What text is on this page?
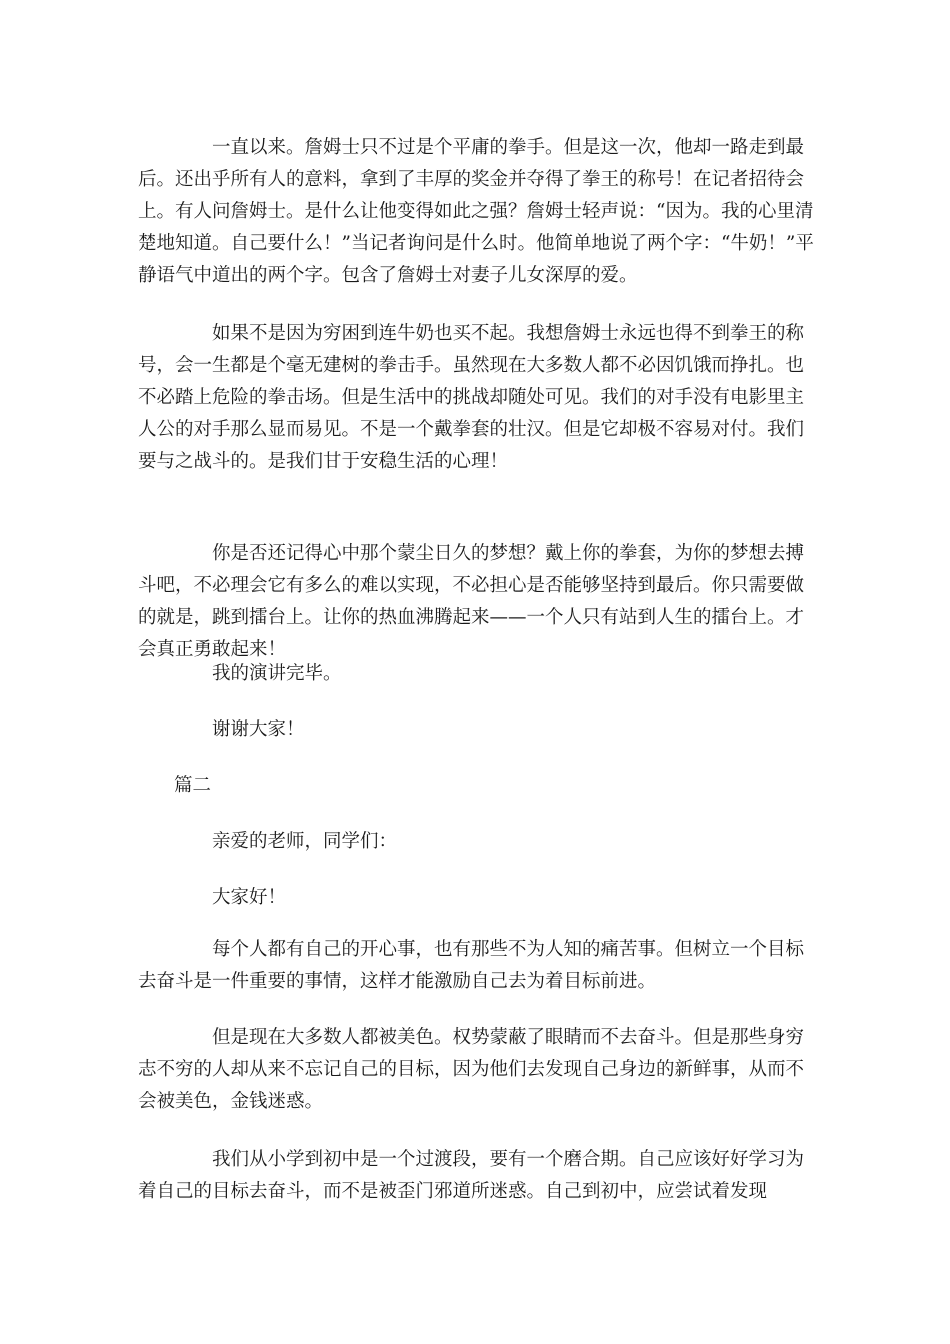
一直以来。詹姆士只不过是个平庸的拳手。但是这一次，他却一路走到最后。还出乎所有人的意料，拿到了丰厚的奖金并夺得了拳王的称号！在记者招待会上。有人问詹姆士。是什么让他变得如此之强？詹姆士轻声说：“因为。我的心里清楚地知道。自己要什么！”当记者询问是什么时。他简单地说了两个字：“牛奶！”平静语气中道出的两个字。包含了詹姆士对妻子儿女深厚的爱。

如果不是因为穷困到连牛奶也买不起。我想詹姆士永远也得不到拳王的称号，会一生都是个毫无建树的拳击手。虽然现在大多数人都不必因饥饿而挣扎。也不必踏上危险的拳击场。但是生活中的挑战却随处可见。我们的对手没有电影里主人公的对手那么显而易见。不是一个戴拳套的壮汉。但是它却极不容易对付。我们要与之战斗的。是我们甘于安稳生活的心理！

你是否还记得心中那个蒙尘日久的梦想？戴上你的拳套，为你的梦想去搏斗吧，不必理会它有多么的难以实现，不必担心是否能够坚持到最后。你只需要做的就是，跳到擂台上。让你的热血沸腾起来——一个人只有站到人生的擂台上。才会真正勇敢起来！

我的演讲完毕。

谢谢大家！

篇二

亲爱的老师，同学们：

大家好！

每个人都有自己的开心事，也有那些不为人知的痛苦事。但树立一个目标去奋斗是一件重要的事情，这样才能激励自己去为着目标前进。

但是现在大多数人都被美色。权势蒙蔽了眼睛而不去奋斗。但是那些身穷志不穷的人却从来不忘记自己的目标，因为他们去发现自己身边的新鲜事，从而不会被美色，金钱迷惑。

我们从小学到初中是一个过渡段，要有一个磨合期。自己应该好好学习为着自己的目标去奋斗，而不是被歪门邪道所迷惑。自己到初中，应尝试着发现
